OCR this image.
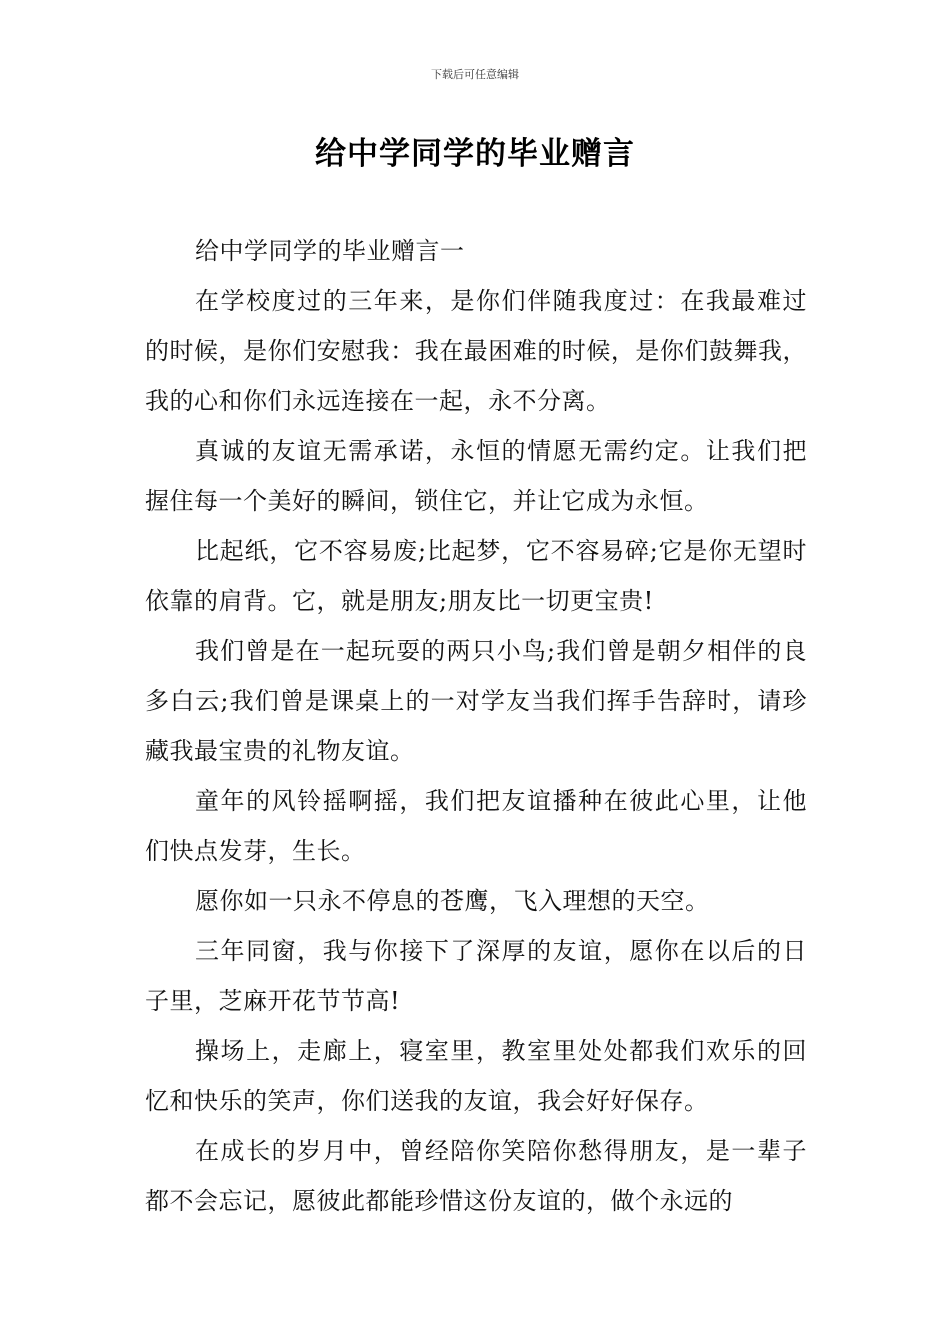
下载后可任意编辑
给中学同学的毕业赠言

给中学同学的毕业赠言一

在学校度过的三年来，是你们伴随我度过：在我最难过的时候，是你们安慰我：我在最困难的时候，是你们鼓舞我，我的心和你们永远连接在一起，永不分离。

真诚的友谊无需承诺，永恒的情愿无需约定。让我们把握住每一个美好的瞬间，锁住它，并让它成为永恒。

比起纸，它不容易废;比起梦，它不容易碎;它是你无望时依靠的肩背。它，就是朋友;朋友比一切更宝贵!

我们曾是在一起玩耍的两只小鸟;我们曾是朝夕相伴的良多白云;我们曾是课桌上的一对学友当我们挥手告辞时，请珍藏我最宝贵的礼物友谊。

童年的风铃摇啊摇，我们把友谊播种在彼此心里，让他们快点发芽，生长。

愿你如一只永不停息的苍鹰，飞入理想的天空。

三年同窗，我与你接下了深厚的友谊，愿你在以后的日子里，芝麻开花节节高!

操场上，走廊上，寝室里，教室里处处都我们欢乐的回忆和快乐的笑声，你们送我的友谊，我会好好保存。

在成长的岁月中，曾经陪你笑陪你愁得朋友，是一辈子都不会忘记，愿彼此都能珍惜这份友谊的，做个永远的
